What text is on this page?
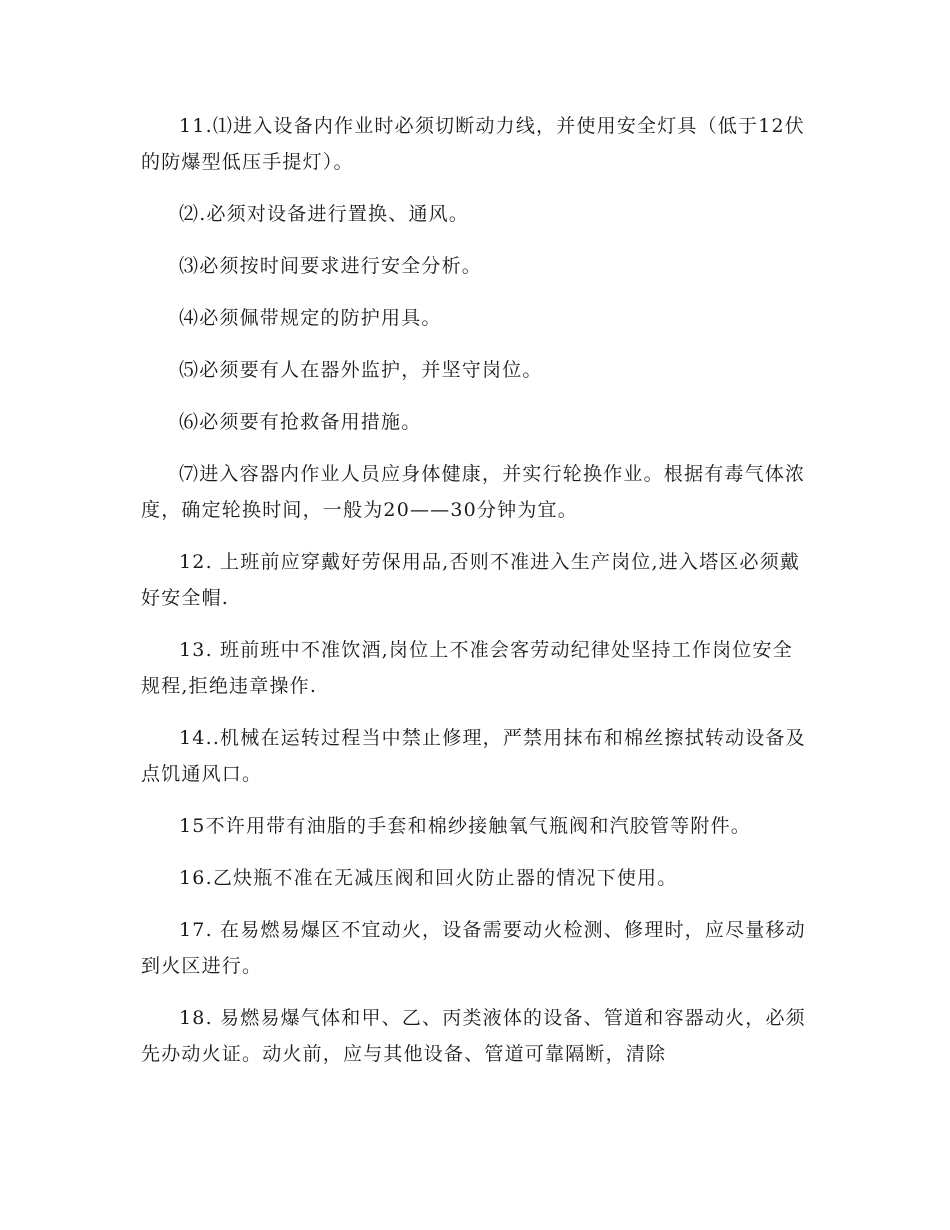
11.⑴进入设备内作业时必须切断动力线，并使用安全灯具（低于12伏的防爆型低压手提灯）。

⑵.必须对设备进行置换、通风。

⑶必须按时间要求进行安全分析。

⑷必须佩带规定的防护用具。

⑸必须要有人在器外监护，并坚守岗位。

⑹必须要有抢救备用措施。

⑺进入容器内作业人员应身体健康，并实行轮换作业。根据有毒气体浓度，确定轮换时间，一般为20——30分钟为宜。

12. 上班前应穿戴好劳保用品,否则不准进入生产岗位,进入塔区必须戴好安全帽.

13. 班前班中不准饮酒,岗位上不准会客劳动纪律处坚持工作岗位安全规程,拒绝违章操作.

14..机械在运转过程当中禁止修理，严禁用抹布和棉丝擦拭转动设备及点饥通风口。

15不许用带有油脂的手套和棉纱接触氧气瓶阀和汽胶管等附件。

16.乙炔瓶不准在无减压阀和回火防止器的情况下使用。

17. 在易燃易爆区不宜动火，设备需要动火检测、修理时，应尽量移动到火区进行。

18. 易燃易爆气体和甲、乙、丙类液体的设备、管道和容器动火，必须先办动火证。动火前，应与其他设备、管道可靠隔断，清除
